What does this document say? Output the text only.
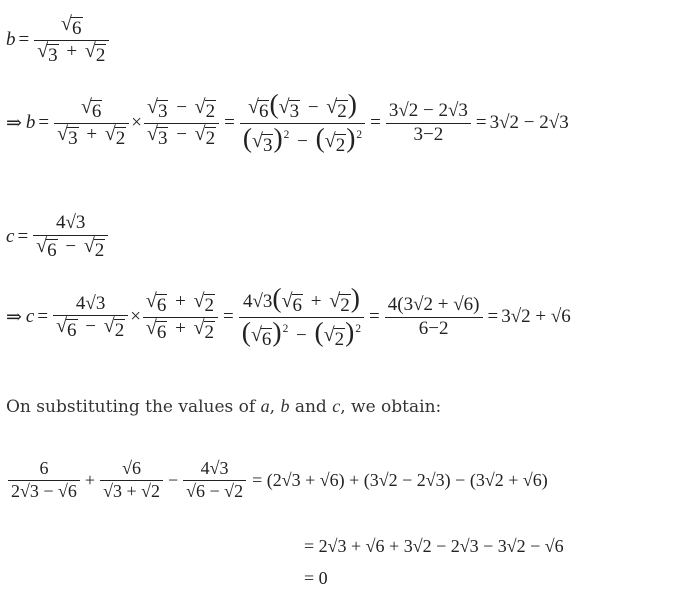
$b = \frac{√ 6}{√ 3 + √ 2}$
⇒ $b = \frac{√ 6}{√ 3 + √ 2} \times \frac{√ 3 - √ 2}{√ 3 - √ 2} = \frac{√ 6 ( √ 3 - √ 2 )}{( √ 3 )^2 - ( √ 2 )^2} = \frac{3√2 - 2√3}{3-2} = 3√2 - 2√3$
$c = \frac{4√3}{√ 6 - √ 2}$
⇒ $c = \frac{4√3}{√ 6 - √ 2} \times \frac{√ 6 + √ 2}{√ 6 + √ 2} = \frac{4√3( √ 6 + √ 2 )}{( √ 6 )^2 - ( √ 2 )^2} = \frac{4(3√2 + √6)}{6-2} = 3√2 + √6$
On substituting the values of a, b and c, we obtain:
$\frac{6}{2√3 - √6} + \frac{√6}{√3 + √2} - \frac{4√3}{√6 - √2} = (2√3 + √6) + (3√2 - 2√3) - (3√2 + √6)$
= 2√3 + √6 + 3√2 − 2√3 − 3√2 − √6
= 0
